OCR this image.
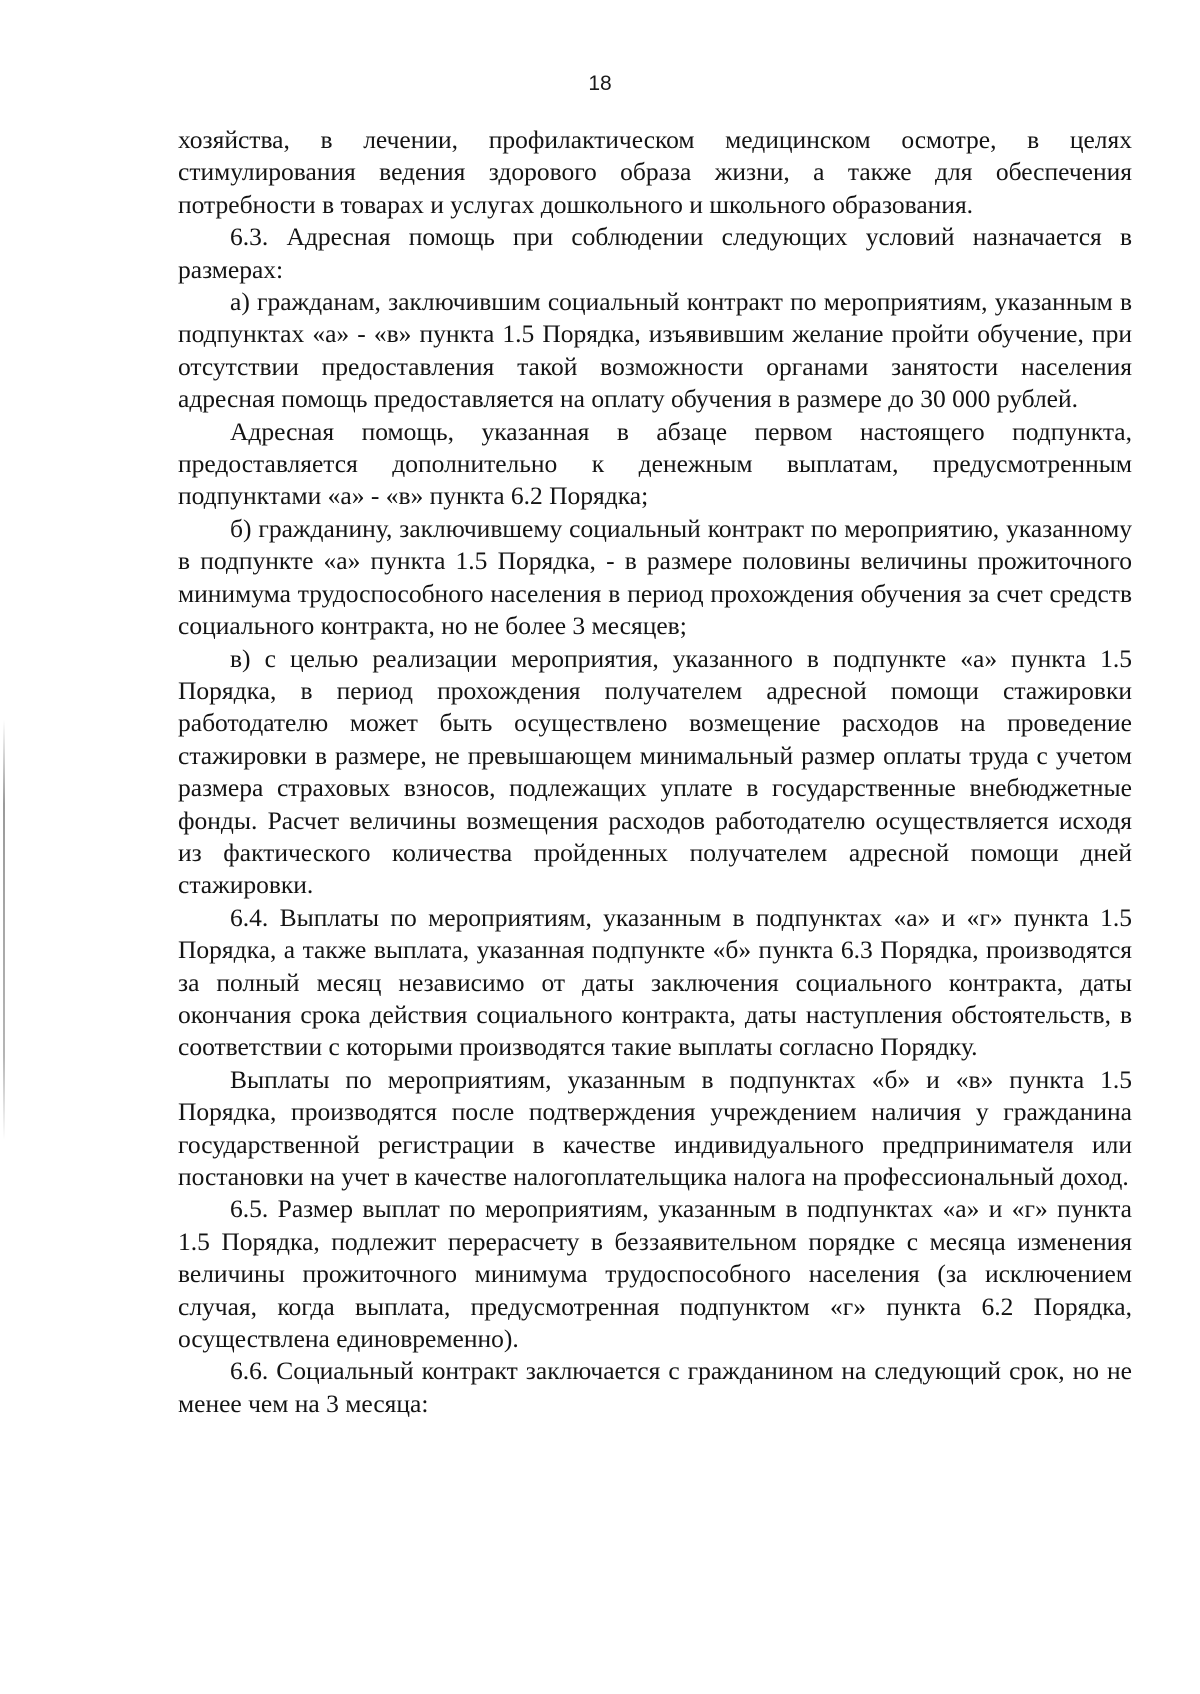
18

хозяйства, в лечении, профилактическом медицинском осмотре, в целях стимулирования ведения здорового образа жизни, а также для обеспечения потребности в товарах и услугах дошкольного и школьного образования.

6.3. Адресная помощь при соблюдении следующих условий назначается в размерах:

а) гражданам, заключившим социальный контракт по мероприятиям, указанным в подпунктах «а» - «в» пункта 1.5 Порядка, изъявившим желание пройти обучение, при отсутствии предоставления такой возможности органами занятости населения адресная помощь предоставляется на оплату обучения в размере до 30 000 рублей.

Адресная помощь, указанная в абзаце первом настоящего подпункта, предоставляется дополнительно к денежным выплатам, предусмотренным подпунктами «а» - «в» пункта 6.2 Порядка;

б) гражданину, заключившему социальный контракт по мероприятию, указанному в подпункте «а» пункта 1.5 Порядка, - в размере половины величины прожиточного минимума трудоспособного населения в период прохождения обучения за счет средств социального контракта, но не более 3 месяцев;

в) с целью реализации мероприятия, указанного в подпункте «а» пункта 1.5 Порядка, в период прохождения получателем адресной помощи стажировки работодателю может быть осуществлено возмещение расходов на проведение стажировки в размере, не превышающем минимальный размер оплаты труда с учетом размера страховых взносов, подлежащих уплате в государственные внебюджетные фонды. Расчет величины возмещения расходов работодателю осуществляется исходя из фактического количества пройденных получателем адресной помощи дней стажировки.

6.4. Выплаты по мероприятиям, указанным в подпунктах «а» и «г» пункта 1.5 Порядка, а также выплата, указанная подпункте «б» пункта 6.3 Порядка, производятся за полный месяц независимо от даты заключения социального контракта, даты окончания срока действия социального контракта, даты наступления обстоятельств, в соответствии с которыми производятся такие выплаты согласно Порядку.

Выплаты по мероприятиям, указанным в подпунктах «б» и «в» пункта 1.5 Порядка, производятся после подтверждения учреждением наличия у гражданина государственной регистрации в качестве индивидуального предпринимателя или постановки на учет в качестве налогоплательщика налога на профессиональный доход.

6.5. Размер выплат по мероприятиям, указанным в подпунктах «а» и «г» пункта 1.5 Порядка, подлежит перерасчету в беззаявительном порядке с месяца изменения величины прожиточного минимума трудоспособного населения (за исключением случая, когда выплата, предусмотренная подпунктом «г» пункта 6.2 Порядка, осуществлена единовременно).

6.6. Социальный контракт заключается с гражданином на следующий срок, но не менее чем на 3 месяца:
